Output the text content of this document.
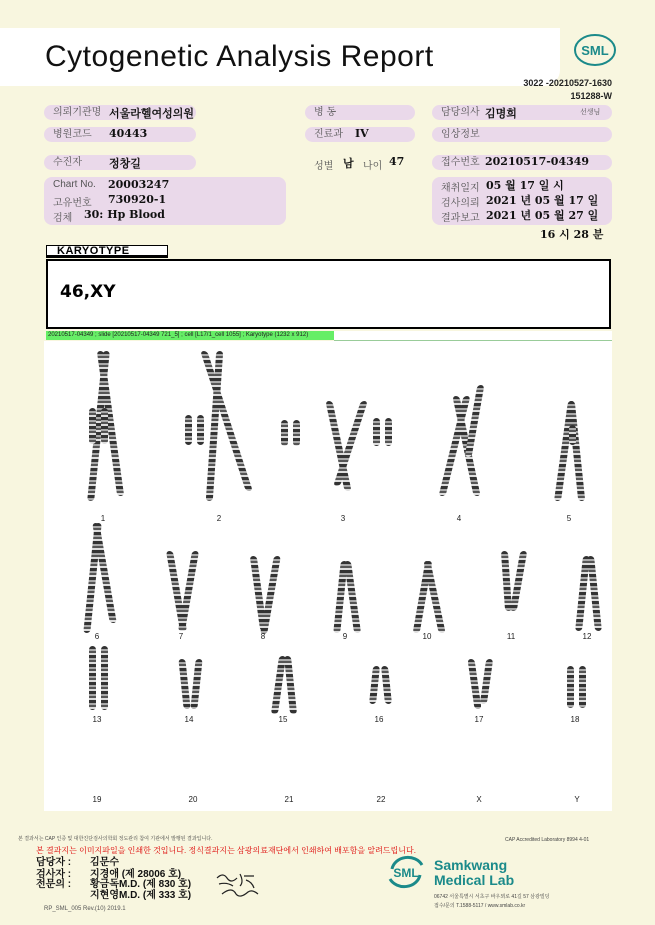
Cytogenetic Analysis Report	SML
3022 -20210527-1630
151288-W
의뢰기관명 서울라헬여성의원	병 동	담당의사 김명희	선생님
병원코드	40443	진료과	IV	임상정보
수진자	정창길	성별 남 나이 47	접수번호 20210517-04349
Chart No. 20003247
고유번호 730920-1
검체 30: Hp Blood
채취일지 05 월 17 일 시
검사의뢰 2021 년 05 월 17 일
결과보고 2021 년 05 월 27 일
16 시 28 분
KARYOTYPE
46,XY
20210517-04349 ; slide [20210517-04349 721_5] ; cell [L17/1_cell 1055] ; Karyotype (1232 x 912)
1	2	3	4	5
6	7	8	9	10	11	12
13	14	15	16	17	18
19	20	21	22	X	Y
본 결과서는 CAP 인증 및 대한진단검사의학회 정도관리 참여 기관에서 발행된 결과입니다.	CAP Accredited Laboratory 8994 4-01
본 결과지는 이미지파일을 인쇄한 것입니다. 정식결과지는 삼광의료재단에서 인쇄하여 배포함을 알려드립니다.
담당자 : 김문수
검사자 : 지경애 (제 28006 호)
전문의 : 황금독M.D. (제 830 호)
지현영M.D. (제 333 호)
SML Samkwang
Medical Lab
06742 서울특별시 서초구 바우뫼로 41길 57 삼광빌딩
접수/문의 T.1588-5117 / www.smlab.co.kr
RP_SML_005 Rev.(10) 2019.1
